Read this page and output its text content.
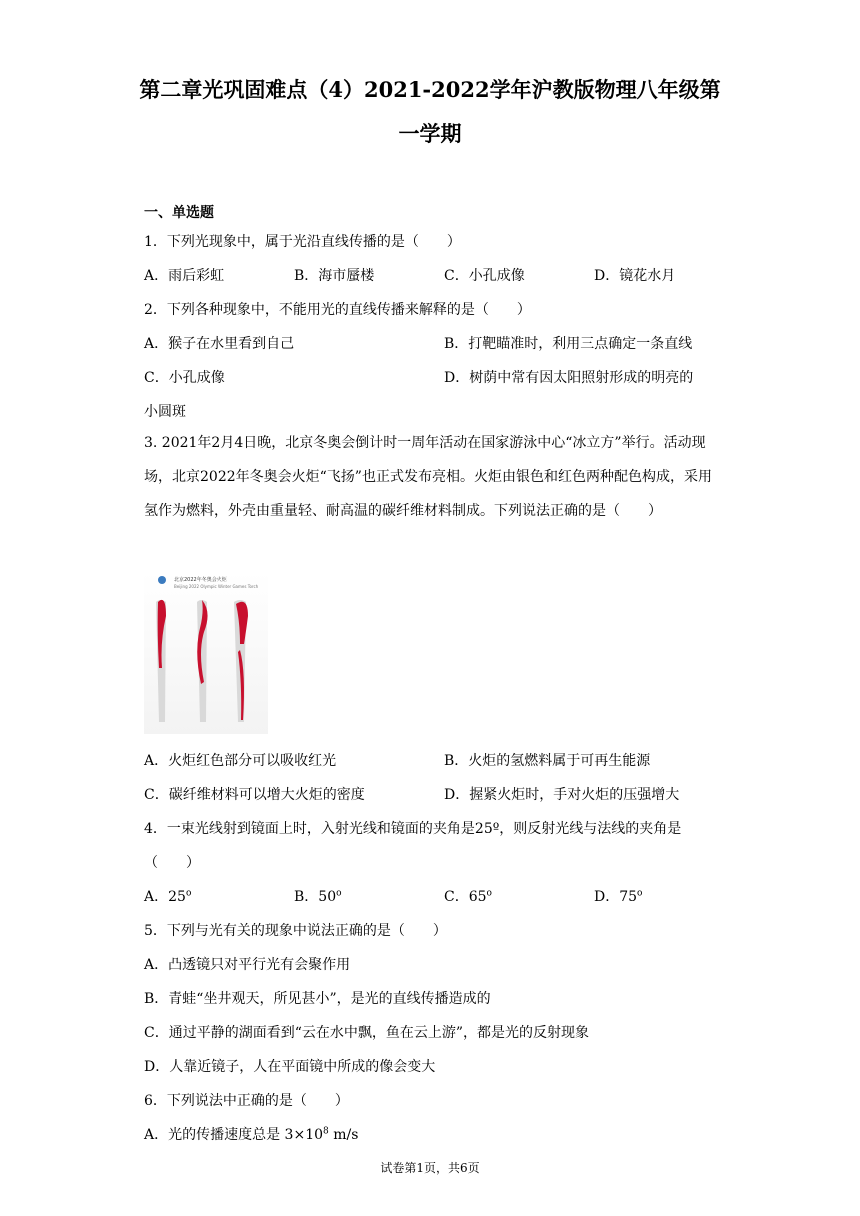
第二章光巩固难点（4）2021-2022学年沪教版物理八年级第
一学期
一、单选题
1．下列光现象中，属于光沿直线传播的是（　　）
A．雨后彩虹	B．海市蜃楼	C．小孔成像	D．镜花水月
2．下列各种现象中，不能用光的直线传播来解释的是（　　）
A．猴子在水里看到自己	B．打靶瞄准时，利用三点确定一条直线
C．小孔成像	D．树荫中常有因太阳照射形成的明亮的
小圆斑
3. 2021年2月4日晚，北京冬奥会倒计时一周年活动在国家游泳中心“冰立方”举行。活动现场，北京2022年冬奥会火炬“飞扬”也正式发布亮相。火炬由银色和红色两种配色构成，采用氢作为燃料，外壳由重量轻、耐高温的碳纤维材料制成。下列说法正确的是（　　）
北京2022年冬奥会火炬
Beijing 2022 Olympic Winter Games Torch
A．火炬红色部分可以吸收红光	B．火炬的氢燃料属于可再生能源
C．碳纤维材料可以增大火炬的密度	D．握紧火炬时，手对火炬的压强增大
4．一束光线射到镜面上时，入射光线和镜面的夹角是25º，则反射光线与法线的夹角是
（　　）
A．25$^o$	B．50$^o$	C．65$^o$	D．75$^o$
5．下列与光有关的现象中说法正确的是（　　）
A．凸透镜只对平行光有会聚作用
B．青蛙“坐井观天，所见甚小”，是光的直线传播造成的
C．通过平静的湖面看到“云在水中飘，鱼在云上游”，都是光的反射现象
D．人靠近镜子，人在平面镜中所成的像会变大
6．下列说法中正确的是（　　）
A．光的传播速度总是 $3\times 10^8$ m/s
试卷第1页，共6页
